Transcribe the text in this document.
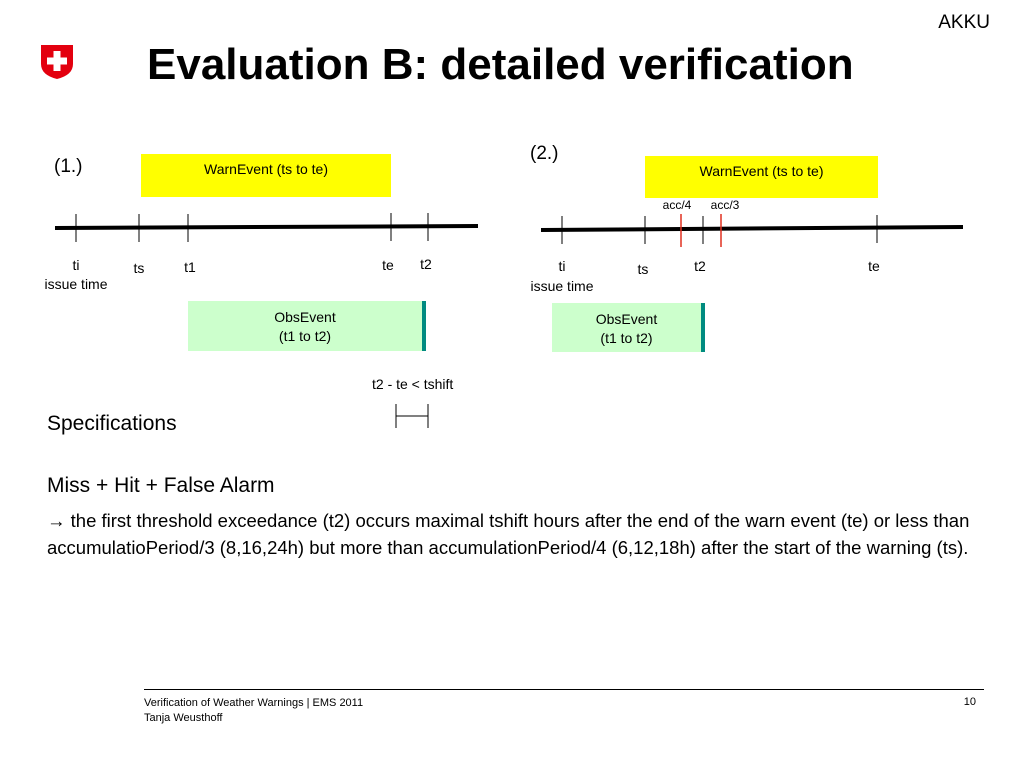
AKKU
Evaluation B: detailed verification
(1.)	WarnEvent (ts to te)
ti
issue time
ts	t1	te	t2
ObsEvent
(t1 to t2)
t2 - te < tshift
(2.)
WarnEvent (ts to te)
acc/4	acc/3
ti
issue time
ts	t2	te
ObsEvent
(t1 to t2)
Specifications
Miss + Hit + False Alarm
→ the first threshold exceedance (t2) occurs maximal tshift hours after the end of the warn event (te) or less than accumulatioPeriod/3 (8,16,24h) but more than accumulationPeriod/4 (6,12,18h) after the start of the warning (ts).
Verification of Weather Warnings | EMS 2011
Tanja Weusthoff
10
